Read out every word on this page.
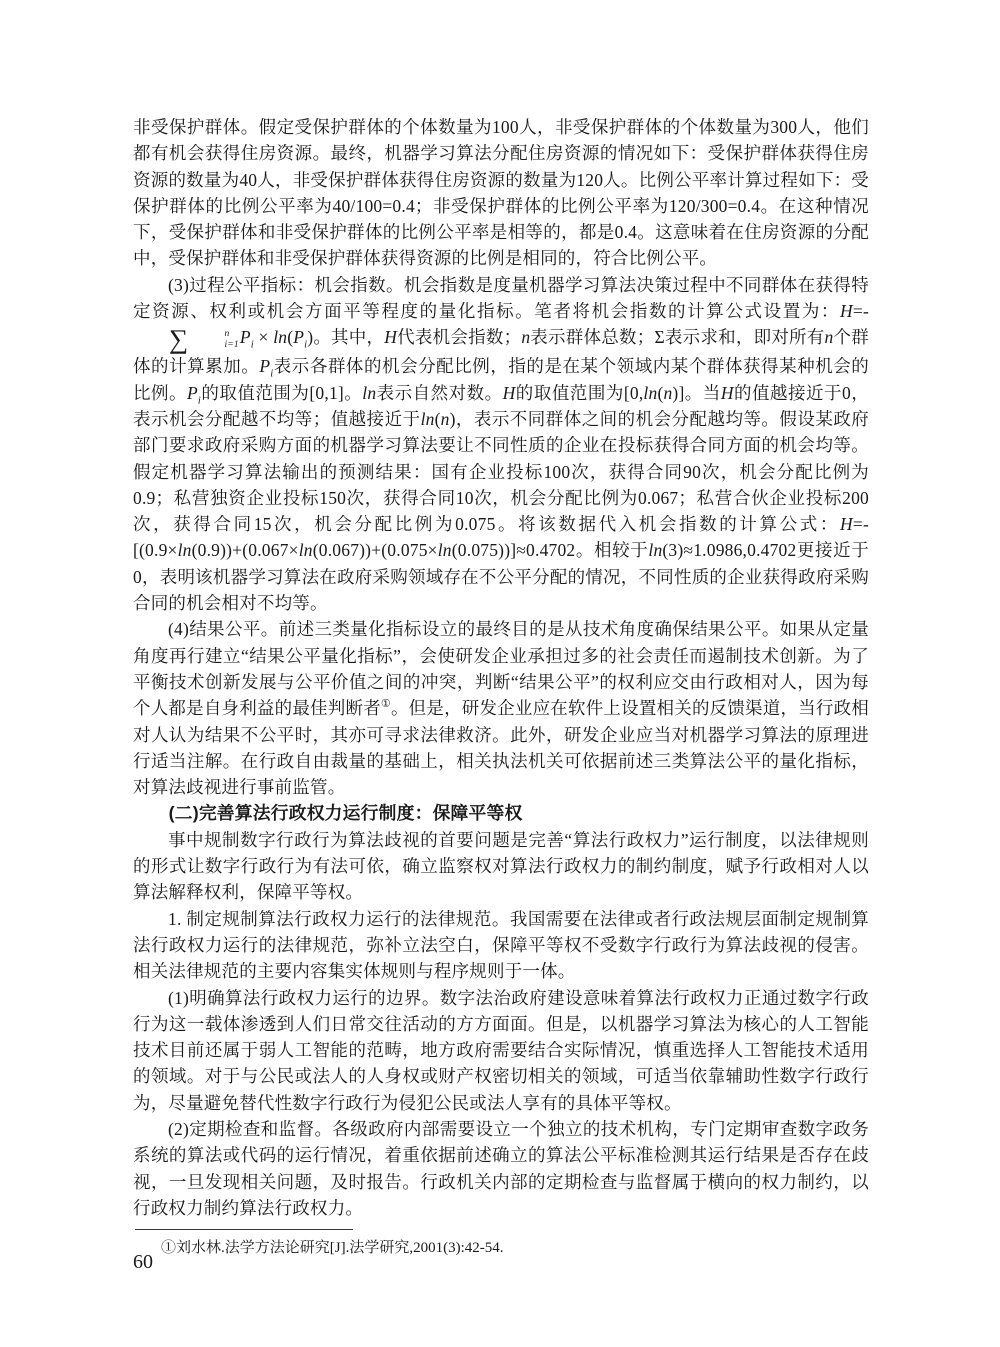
非受保护群体。假定受保护群体的个体数量为100人，非受保护群体的个体数量为300人，他们都有机会获得住房资源。最终，机器学习算法分配住房资源的情况如下：受保护群体获得住房资源的数量为40人，非受保护群体获得住房资源的数量为120人。比例公平率计算过程如下：受保护群体的比例公平率为40/100=0.4；非受保护群体的比例公平率为120/300=0.4。在这种情况下，受保护群体和非受保护群体的比例公平率是相等的，都是0.4。这意味着在住房资源的分配中，受保护群体和非受保护群体获得资源的比例是相同的，符合比例公平。

(3)过程公平指标：机会指数。机会指数是度量机器学习算法决策过程中不同群体在获得特定资源、权利或机会方面平等程度的量化指标。笔者将机会指数的计算公式设置为：H=-
∑	n
i=1 $P_i \times \ln(P_i)$。其中，H代表机会指数；n表示群体总数；Σ表示求和，即对所有n个群体的计算累加。$P_i$表示各群体的机会分配比例，指的是在某个领域内某个群体获得某种机会的比例。$P_i$的取值范围为[0,1]。ln表示自然对数。H的取值范围为[0,ln(n)]。当H的值越接近于0，表示机会分配越不均等；值越接近于ln(n)，表示不同群体之间的机会分配越均等。假设某政府部门要求政府采购方面的机器学习算法要让不同性质的企业在投标获得合同方面的机会均等。假定机器学习算法输出的预测结果：国有企业投标100次，获得合同90次，机会分配比例为0.9；私营独资企业投标150次，获得合同10次，机会分配比例为0.067；私营合伙企业投标200次，获得合同15次，机会分配比例为0.075。将该数据代入机会指数的计算公式：H=-[(0.9×ln(0.9))+(0.067×ln(0.067))+(0.075×ln(0.075))]≈0.4702。相较于ln(3)≈1.0986,0.4702更接近于0，表明该机器学习算法在政府采购领域存在不公平分配的情况，不同性质的企业获得政府采购合同的机会相对不均等。

(4)结果公平。前述三类量化指标设立的最终目的是从技术角度确保结果公平。如果从定量角度再行建立“结果公平量化指标”，会使研发企业承担过多的社会责任而遏制技术创新。为了平衡技术创新发展与公平价值之间的冲突，判断“结果公平”的权利应交由行政相对人，因为每个人都是自身利益的最佳判断者①。但是，研发企业应在软件上设置相关的反馈渠道，当行政相对人认为结果不公平时，其亦可寻求法律救济。此外，研发企业应当对机器学习算法的原理进行适当注解。在行政自由裁量的基础上，相关执法机关可依据前述三类算法公平的量化指标，对算法歧视进行事前监管。

(二)完善算法行政权力运行制度：保障平等权

事中规制数字行政行为算法歧视的首要问题是完善“算法行政权力”运行制度，以法律规则的形式让数字行政行为有法可依，确立监察权对算法行政权力的制约制度，赋予行政相对人以算法解释权利，保障平等权。

1. 制定规制算法行政权力运行的法律规范。我国需要在法律或者行政法规层面制定规制算法行政权力运行的法律规范，弥补立法空白，保障平等权不受数字行政行为算法歧视的侵害。相关法律规范的主要内容集实体规则与程序规则于一体。

(1)明确算法行政权力运行的边界。数字法治政府建设意味着算法行政权力正通过数字行政行为这一载体渗透到人们日常交往活动的方方面面。但是，以机器学习算法为核心的人工智能技术目前还属于弱人工智能的范畴，地方政府需要结合实际情况，慎重选择人工智能技术适用的领域。对于与公民或法人的人身权或财产权密切相关的领域，可适当依靠辅助性数字行政行为，尽量避免替代性数字行政行为侵犯公民或法人享有的具体平等权。

(2)定期检查和监督。各级政府内部需要设立一个独立的技术机构，专门定期审查数字政务系统的算法或代码的运行情况，着重依据前述确立的算法公平标准检测其运行结果是否存在歧视，一旦发现相关问题，及时报告。行政机关内部的定期检查与监督属于横向的权力制约，以行政权力制约算法行政权力。

①刘水林.法学方法论研究[J].法学研究,2001(3):42-54.

60
